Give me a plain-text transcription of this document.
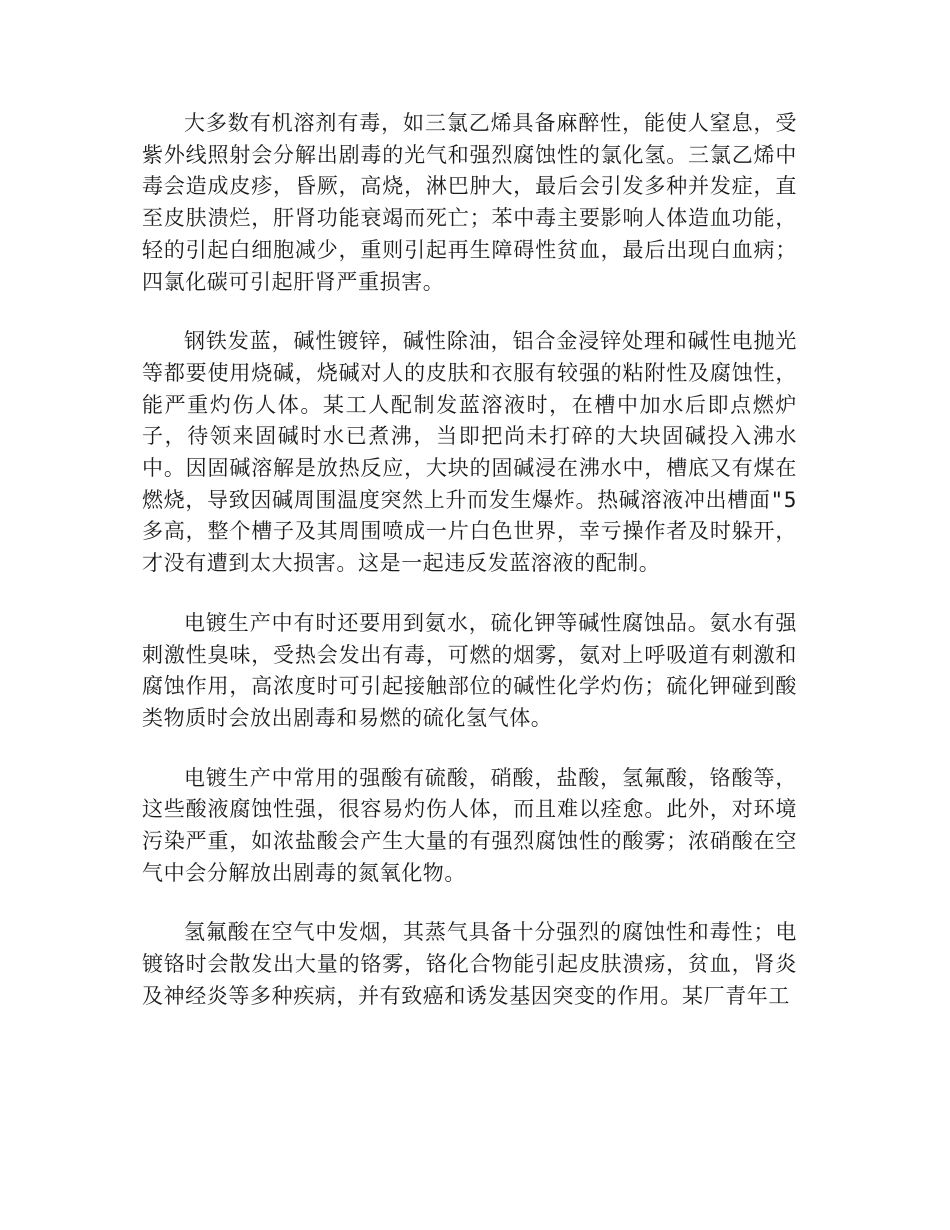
大多数有机溶剂有毒，如三氯乙烯具备麻醉性，能使人窒息，受紫外线照射会分解出剧毒的光气和强烈腐蚀性的氯化氢。三氯乙烯中毒会造成皮疹，昏厥，高烧，淋巴肿大，最后会引发多种并发症，直至皮肤溃烂，肝肾功能衰竭而死亡；苯中毒主要影响人体造血功能，轻的引起白细胞减少，重则引起再生障碍性贫血，最后出现白血病；四氯化碳可引起肝肾严重损害。

钢铁发蓝，碱性镀锌，碱性除油，铝合金浸锌处理和碱性电抛光等都要使用烧碱，烧碱对人的皮肤和衣服有较强的粘附性及腐蚀性，能严重灼伤人体。某工人配制发蓝溶液时，在槽中加水后即点燃炉子，待领来固碱时水已煮沸，当即把尚未打碎的大块固碱投入沸水中。因固碱溶解是放热反应，大块的固碱浸在沸水中，槽底又有煤在燃烧，导致因碱周围温度突然上升而发生爆炸。热碱溶液冲出槽面"5多高，整个槽子及其周围喷成一片白色世界，幸亏操作者及时躲开，才没有遭到太大损害。这是一起违反发蓝溶液的配制。

电镀生产中有时还要用到氨水，硫化钾等碱性腐蚀品。氨水有强刺激性臭味，受热会发出有毒，可燃的烟雾，氨对上呼吸道有刺激和腐蚀作用，高浓度时可引起接触部位的碱性化学灼伤；硫化钾碰到酸类物质时会放出剧毒和易燃的硫化氢气体。

电镀生产中常用的强酸有硫酸，硝酸，盐酸，氢氟酸，铬酸等，这些酸液腐蚀性强，很容易灼伤人体，而且难以痊愈。此外，对环境污染严重，如浓盐酸会产生大量的有强烈腐蚀性的酸雾；浓硝酸在空气中会分解放出剧毒的氮氧化物。

氢氟酸在空气中发烟，其蒸气具备十分强烈的腐蚀性和毒性；电镀铬时会散发出大量的铬雾，铬化合物能引起皮肤溃疡，贫血，肾炎及神经炎等多种疾病，并有致癌和诱发基因突变的作用。某厂青年工
